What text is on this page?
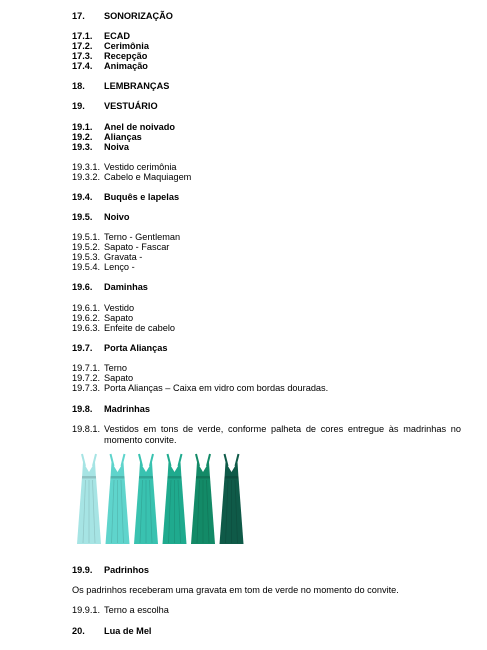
17. SONORIZAÇÃO
17.1. ECAD
17.2. Cerimônia
17.3. Recepção
17.4. Animação
18. LEMBRANÇAS
19. VESTUÁRIO
19.1. Anel de noivado
19.2. Alianças
19.3. Noiva
19.3.1. Vestido cerimônia
19.3.2. Cabelo e Maquiagem
19.4. Buquês e lapelas
19.5. Noivo
19.5.1. Terno - Gentleman
19.5.2. Sapato - Fascar
19.5.3. Gravata -
19.5.4. Lenço -
19.6. Daminhas
19.6.1. Vestido
19.6.2. Sapato
19.6.3. Enfeite de cabelo
19.7. Porta Alianças
19.7.1. Terno
19.7.2. Sapato
19.7.3. Porta Alianças – Caixa em vidro com bordas douradas.
19.8. Madrinhas
19.8.1. Vestidos em tons de verde, conforme palheta de cores entregue às madrinhas no momento convite.
19.9. Padrinhos
Os padrinhos receberam uma gravata em tom de verde no momento do convite.
19.9.1. Terno a escolha
20. Lua de Mel
